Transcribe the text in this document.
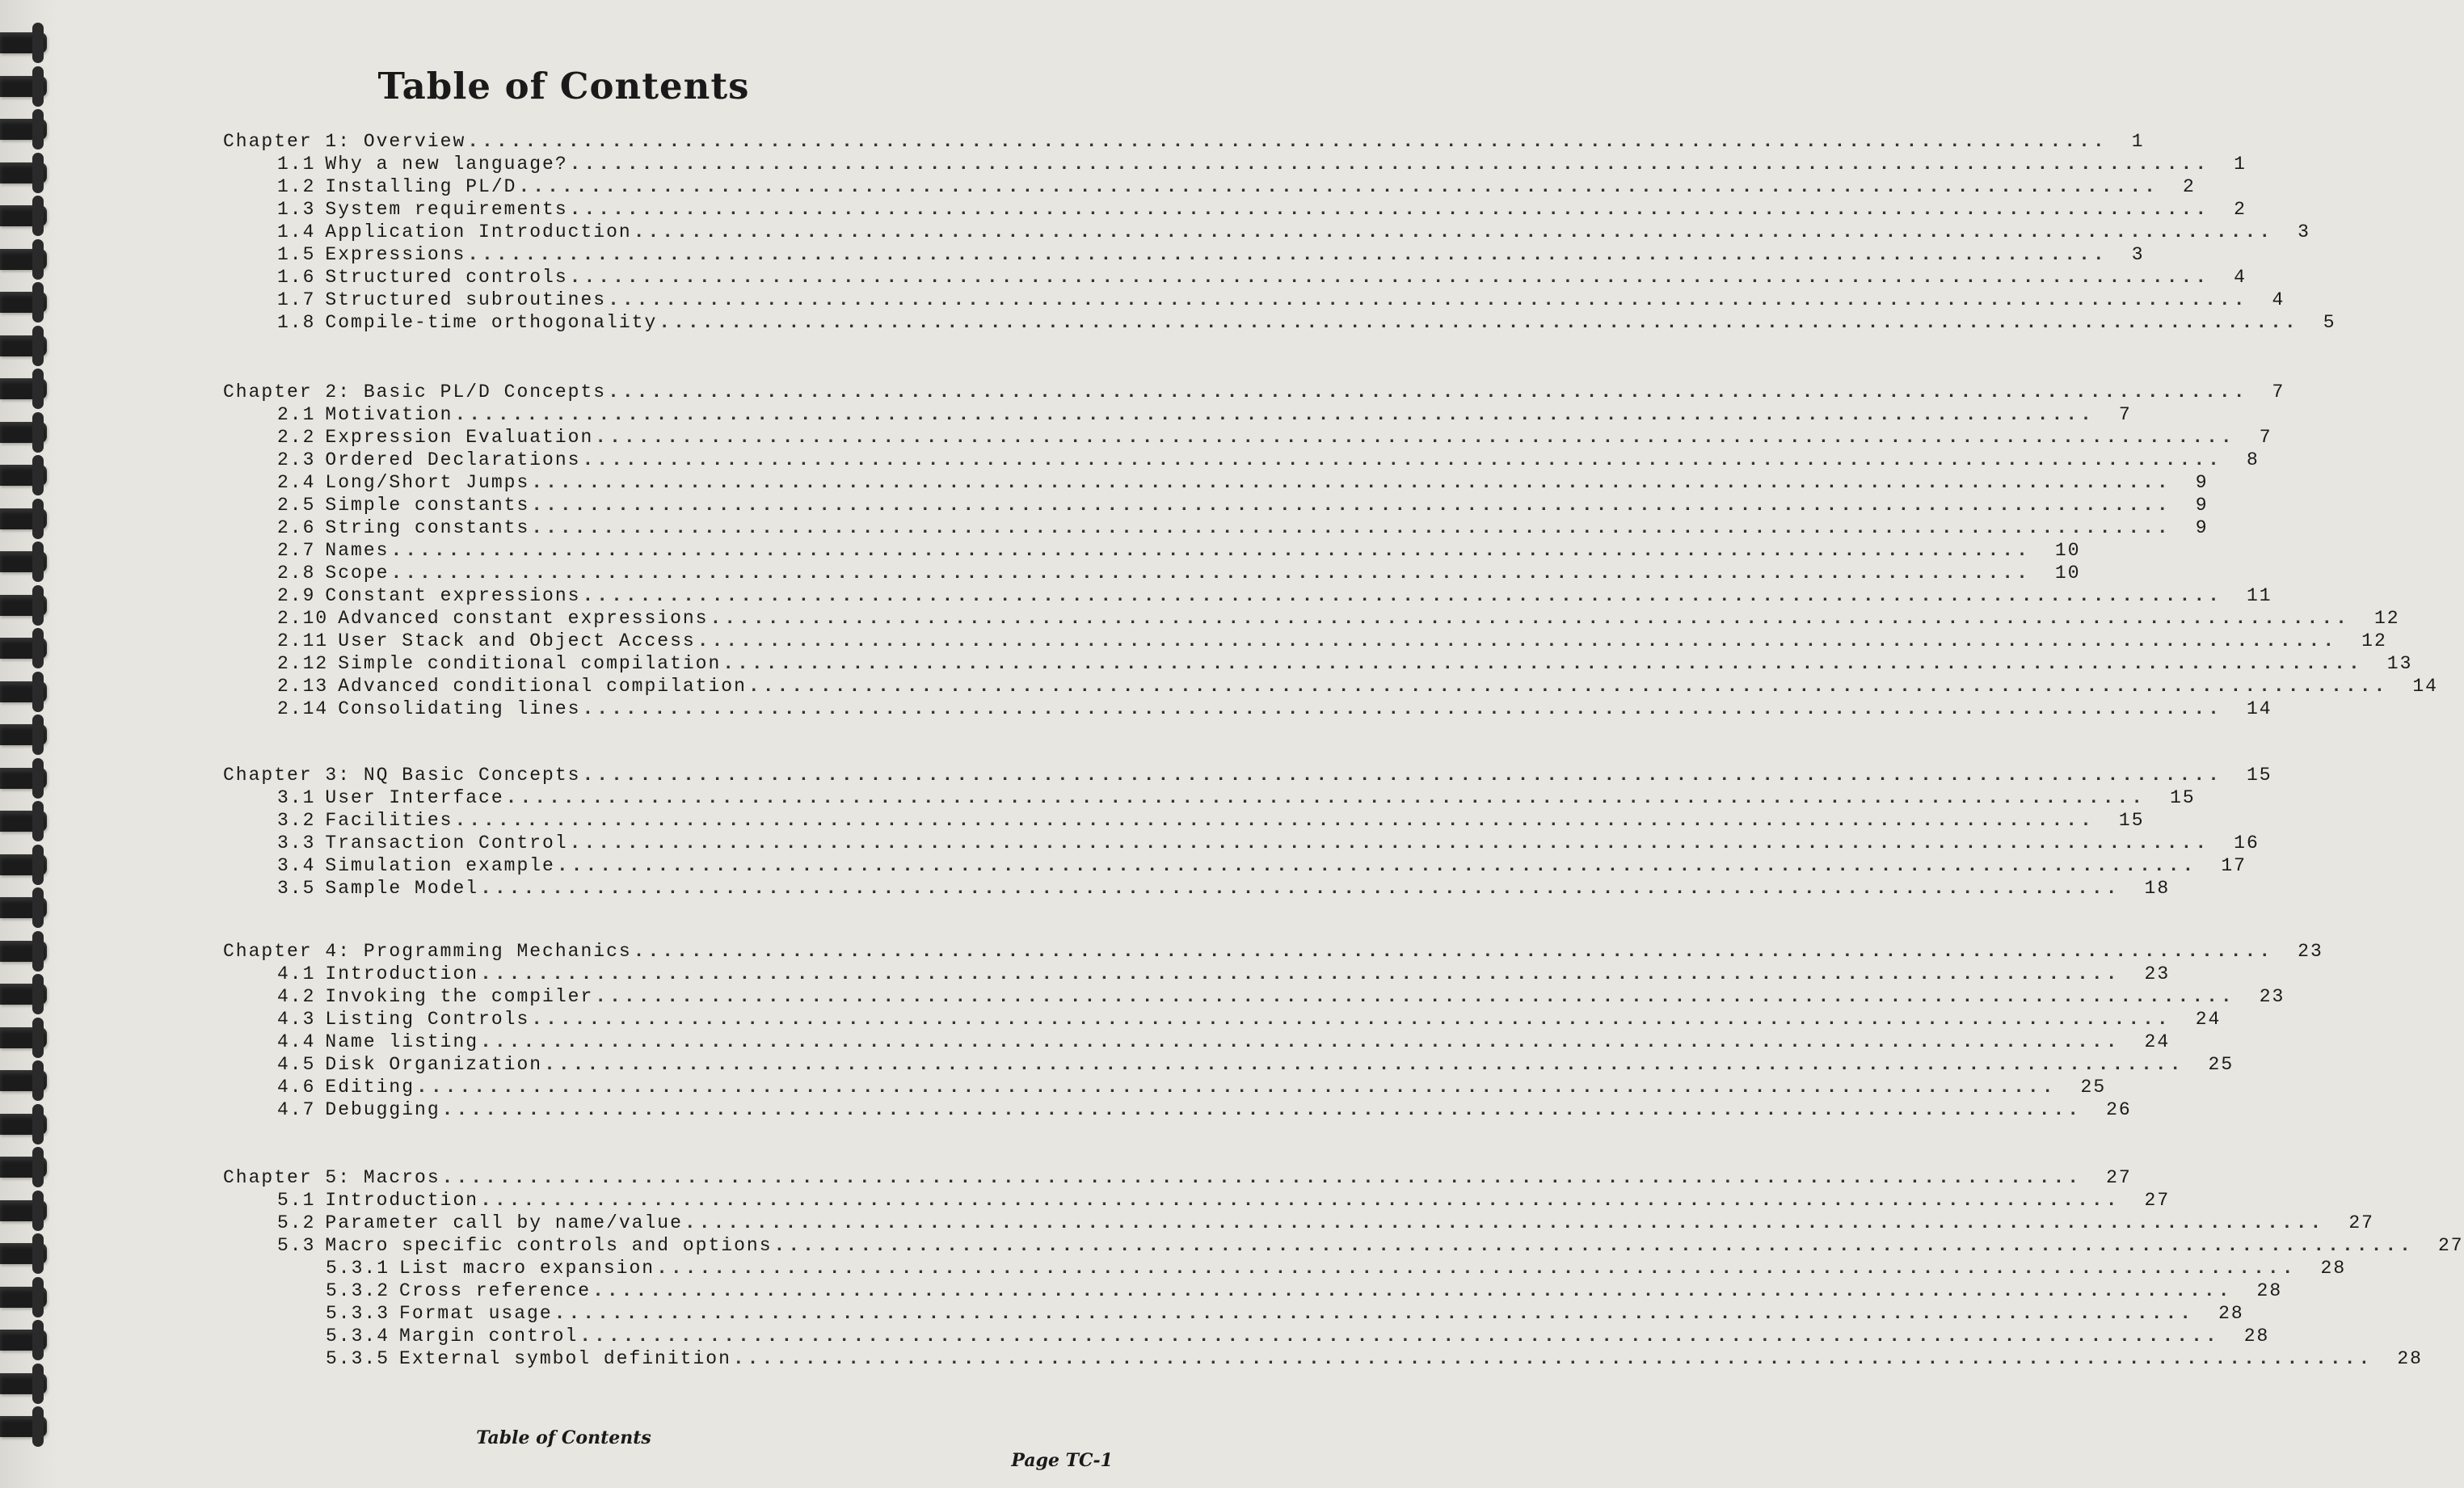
Table of Contents
Chapter 1: Overview .................................................................................................................. 1
1.1 Why a new language? .................................................................................................................. 1
1.2 Installing PL/D .................................................................................................................. 2
1.3 System requirements .................................................................................................................. 2
1.4 Application Introduction .................................................................................................................. 3
1.5 Expressions .................................................................................................................. 3
1.6 Structured controls .................................................................................................................. 4
1.7 Structured subroutines .................................................................................................................. 4
1.8 Compile-time orthogonality .................................................................................................................. 5
Chapter 2: Basic PL/D Concepts .................................................................................................................. 7
2.1 Motivation .................................................................................................................. 7
2.2 Expression Evaluation .................................................................................................................. 7
2.3 Ordered Declarations .................................................................................................................. 8
2.4 Long/Short Jumps .................................................................................................................. 9
2.5 Simple constants .................................................................................................................. 9
2.6 String constants .................................................................................................................. 9
2.7 Names .................................................................................................................. 10
2.8 Scope .................................................................................................................. 10
2.9 Constant expressions .................................................................................................................. 11
2.10 Advanced constant expressions .................................................................................................................. 12
2.11 User Stack and Object Access .................................................................................................................. 12
2.12 Simple conditional compilation .................................................................................................................. 13
2.13 Advanced conditional compilation .................................................................................................................. 14
2.14 Consolidating lines .................................................................................................................. 14
Chapter 3: NQ Basic Concepts .................................................................................................................. 15
3.1 User Interface .................................................................................................................. 15
3.2 Facilities .................................................................................................................. 15
3.3 Transaction Control .................................................................................................................. 16
3.4 Simulation example .................................................................................................................. 17
3.5 Sample Model .................................................................................................................. 18
Chapter 4: Programming Mechanics .................................................................................................................. 23
4.1 Introduction .................................................................................................................. 23
4.2 Invoking the compiler .................................................................................................................. 23
4.3 Listing Controls .................................................................................................................. 24
4.4 Name listing .................................................................................................................. 24
4.5 Disk Organization .................................................................................................................. 25
4.6 Editing .................................................................................................................. 25
4.7 Debugging .................................................................................................................. 26
Chapter 5: Macros .................................................................................................................. 27
5.1 Introduction .................................................................................................................. 27
5.2 Parameter call by name/value .................................................................................................................. 27
5.3 Macro specific controls and options .................................................................................................................. 27
5.3.1 List macro expansion .................................................................................................................. 28
5.3.2 Cross reference .................................................................................................................. 28
5.3.3 Format usage .................................................................................................................. 28
5.3.4 Margin control .................................................................................................................. 28
5.3.5 External symbol definition .................................................................................................................. 28
Table of Contents
Page TC-1
